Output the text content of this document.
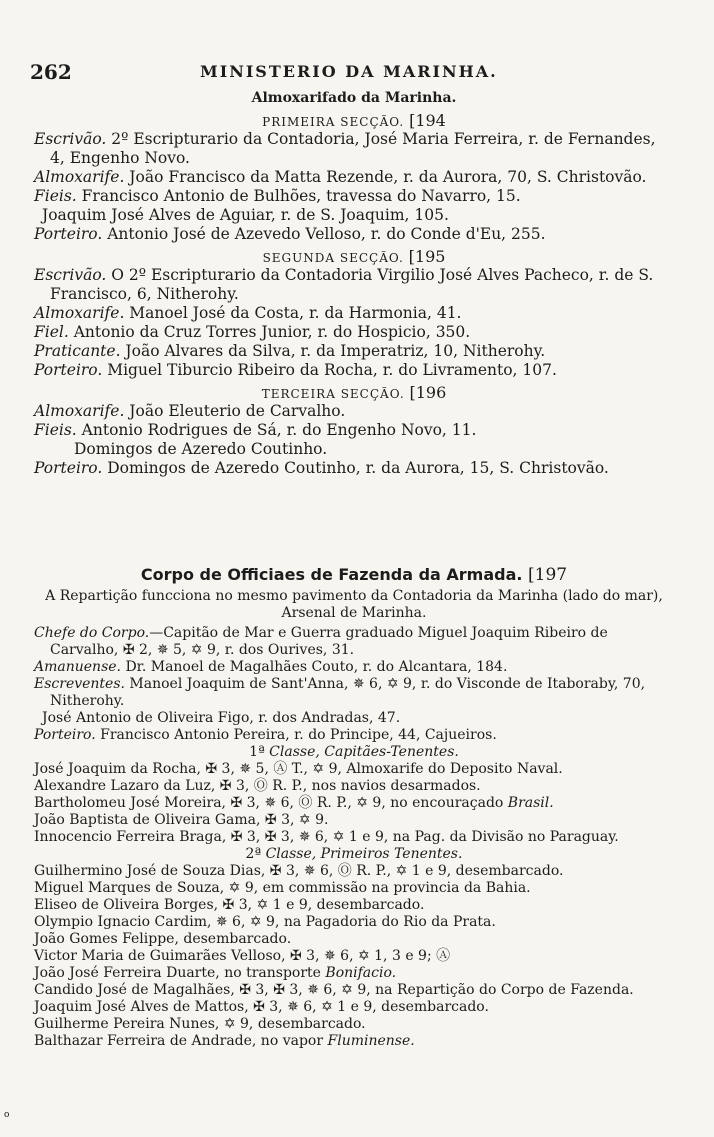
262	MINISTERIO DA MARINHA.
Almoxarifado da Marinha.
PRIMEIRA SECÇÃO. [194
Escrivão. 2º Escripturario da Contadoria, José Maria Ferreira, r. de Fernandes, 4, Engenho Novo.
Almoxarife. João Francisco da Matta Rezende, r. da Aurora, 70, S. Christovão.
Fieis. Francisco Antonio de Bulhões, travessa do Navarro, 15.
Joaquim José Alves de Aguiar, r. de S. Joaquim, 105.
Porteiro. Antonio José de Azevedo Velloso, r. do Conde d'Eu, 255.
SEGUNDA SECÇÃO. [195
Escrivão. O 2º Escripturario da Contadoria Virgilio José Alves Pacheco, r. de S. Francisco, 6, Nitherohy.
Almoxarife. Manoel José da Costa, r. da Harmonia, 41.
Fiel. Antonio da Cruz Torres Junior, r. do Hospicio, 350.
Praticante. João Alvares da Silva, r. da Imperatriz, 10, Nitherohy.
Porteiro. Miguel Tiburcio Ribeiro da Rocha, r. do Livramento, 107.
TERCEIRA SECÇÃO. [196
Almoxarife. João Eleuterio de Carvalho.
Fieis. Antonio Rodrigues de Sá, r. do Engenho Novo, 11.
Domingos de Azeredo Coutinho.
Porteiro. Domingos de Azeredo Coutinho, r. da Aurora, 15, S. Christovão.
Corpo de Officiaes de Fazenda da Armada. [197
A Repartição funcciona no mesmo pavimento da Contadoria da Marinha (lado do mar), Arsenal de Marinha.
Chefe do Corpo.—Capitão de Mar e Guerra graduado Miguel Joaquim Ribeiro de Carvalho, ✠ 2, ✵ 5, ✡ 9, r. dos Ourives, 31.
Amanuense. Dr. Manoel de Magalhães Couto, r. do Alcantara, 184.
Escreventes. Manoel Joaquim de Sant'Anna, ✵ 6, ✡ 9, r. do Visconde de Itaboraby, 70, Nitherohy.
José Antonio de Oliveira Figo, r. dos Andradas, 47.
Porteiro. Francisco Antonio Pereira, r. do Principe, 44, Cajueiros.
1ª Classe, Capitães-Tenentes.
José Joaquim da Rocha, ✠ 3, ✵ 5, Ⓐ T., ✡ 9, Almoxarife do Deposito Naval.
Alexandre Lazaro da Luz, ✠ 3, Ⓞ R. P., nos navios desarmados.
Bartholomeu José Moreira, ✠ 3, ✵ 6, Ⓞ R. P., ✡ 9, no encouraçado Brasil.
João Baptista de Oliveira Gama, ✠ 3, ✡ 9.
Innocencio Ferreira Braga, ✠ 3, ✠ 3, ✵ 6, ✡ 1 e 9, na Pag. da Divisão no Paraguay.
2ª Classe, Primeiros Tenentes.
Guilhermino José de Souza Dias, ✠ 3, ✵ 6, Ⓞ R. P., ✡ 1 e 9, desembarcado.
Miguel Marques de Souza, ✡ 9, em commissão na provincia da Bahia.
Eliseo de Oliveira Borges, ✠ 3, ✡ 1 e 9, desembarcado.
Olympio Ignacio Cardim, ✵ 6, ✡ 9, na Pagadoria do Rio da Prata.
João Gomes Felippe, desembarcado.
Victor Maria de Guimarães Velloso, ✠ 3, ✵ 6, ✡ 1, 3 e 9; Ⓐ
João José Ferreira Duarte, no transporte Bonifacio.
Candido José de Magalhães, ✠ 3, ✠ 3, ✵ 6, ✡ 9, na Repartição do Corpo de Fazenda.
Joaquim José Alves de Mattos, ✠ 3, ✵ 6, ✡ 1 e 9, desembarcado.
Guilherme Pereira Nunes, ✡ 9, desembarcado.
Balthazar Ferreira de Andrade, no vapor Fluminense.
o
